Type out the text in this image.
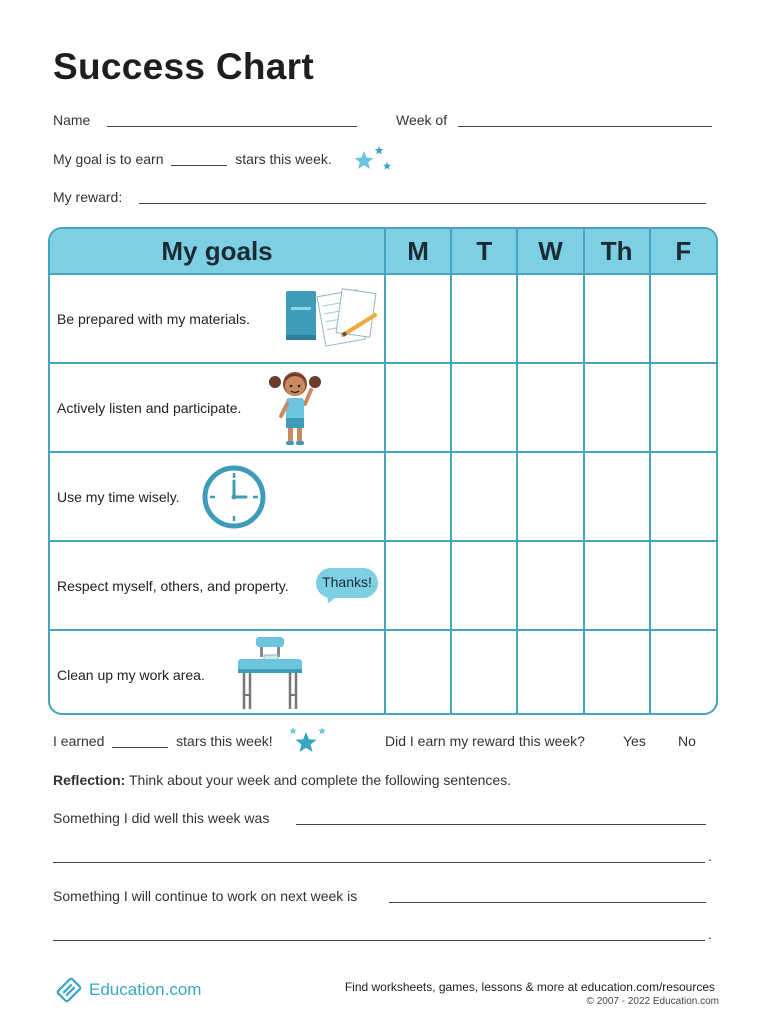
Success Chart
Name	Week of
My goal is to earn	stars this week.
My reward:
My goals	M	T	W	Th	F

Be prepared with my materials.					

Actively listen and participate.					

Use my time wisely.					

Respect myself, others, and property. Thanks!					

Clean up my work area.					

I earned	stars this week!	Did I earn my reward this week?	Yes No
Reflection: Think about your week and complete the following sentences.
Something I did well this week was
.
Something I will continue to work on next week is
.
Education.com	Find worksheets, games, lessons & more at education.com/resources
© 2007 - 2022 Education.com
